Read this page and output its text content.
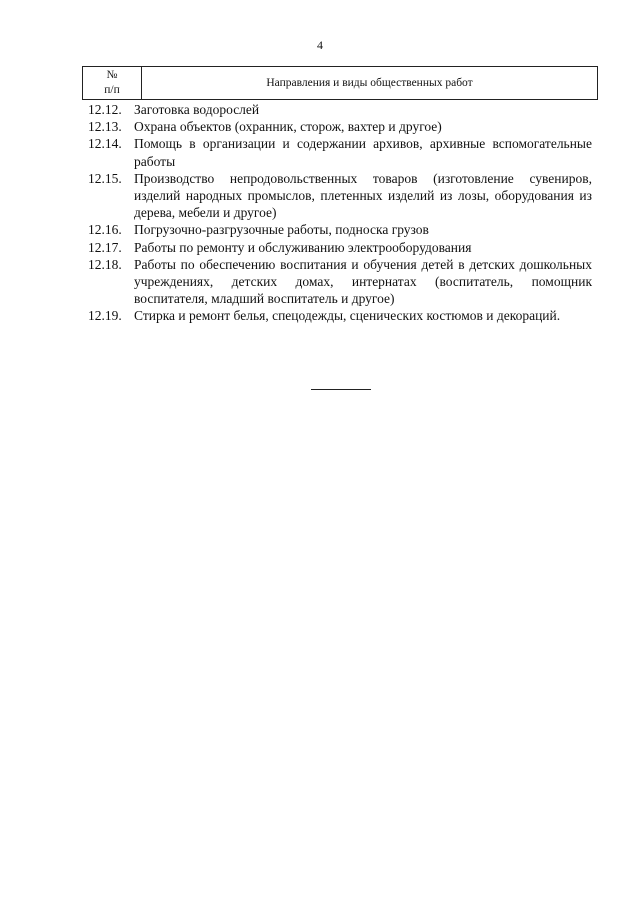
4
№
п/п
Направления и виды общественных работ
12.12. Заготовка водорослей
12.13. Охрана объектов (охранник, сторож, вахтер и другое)
12.14. Помощь в организации и содержании архивов, архивные вспомогательные работы
12.15. Производство непродовольственных товаров (изготовление сувениров, изделий народных промыслов, плетенных изделий из лозы, оборудования из дерева, мебели и другое)
12.16. Погрузочно-разгрузочные работы, подноска грузов
12.17. Работы по ремонту и обслуживанию электрооборудования
12.18. Работы по обеспечению воспитания и обучения детей в детских дошкольных учреждениях, детских домах, интернатах (воспитатель, помощник воспитателя, младший воспитатель и другое)
12.19. Стирка и ремонт белья, спецодежды, сценических костюмов и декораций.
